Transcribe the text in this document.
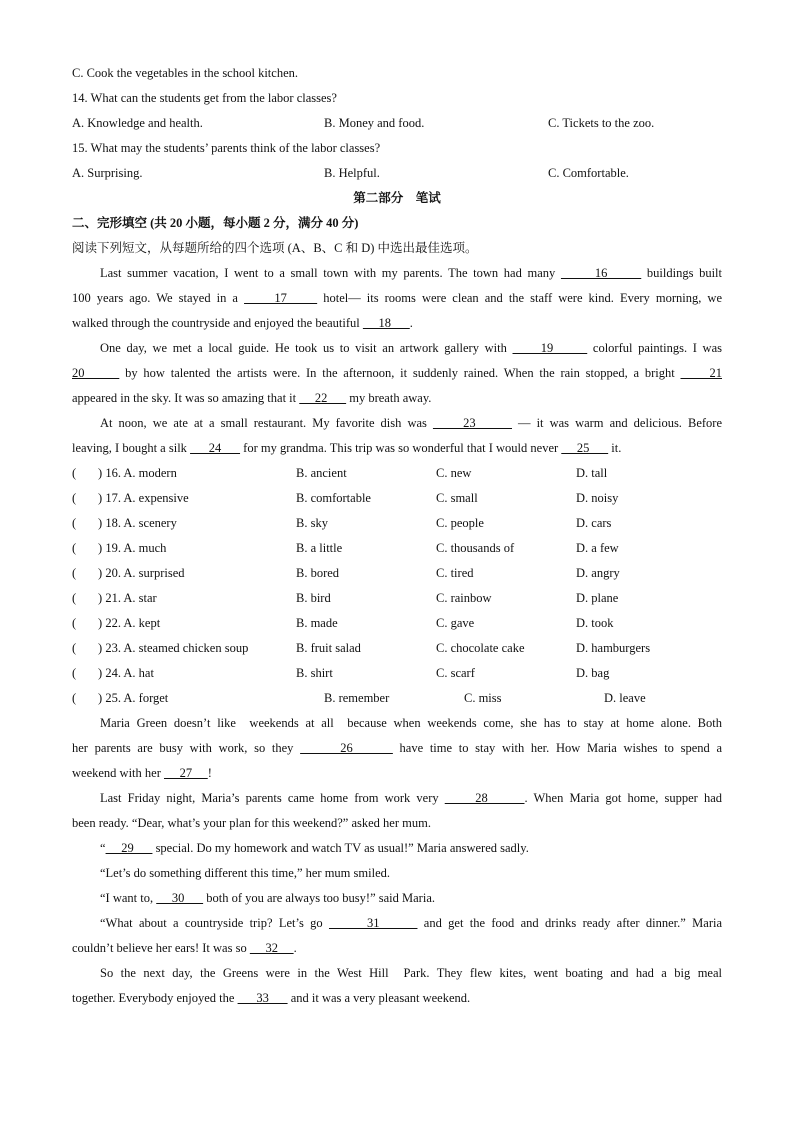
C. Cook the vegetables in the school kitchen.
14. What can the students get from the labor classes?
A. Knowledge and health.	B. Money and food.	C. Tickets to the zoo.
15. What may the students’ parents think of the labor classes?
A. Surprising.	B. Helpful.	C. Comfortable.
第二部分    笔试
二、完形填空 (共 20 小题，每小题 2 分，满分 40 分)
阅读下列短文，从每题所给的四个选项 (A、B、C 和 D) 中选出最佳选项。
Last summer vacation, I went to a small town with my parents. The town had many       16       buildings built
100 years ago. We stayed in a      17      hotel— its rooms were clean and the staff were kind. Every morning, we
walked through the countryside and enjoyed the beautiful      18      .
One day, we met a local guide. He took us to visit an artwork gallery with      19       colorful paintings. I was
20       by how talented the artists were. In the afternoon, it suddenly rained. When the rain stopped, a bright      21
appeared in the sky. It was so amazing that it      22       my breath away.
At noon, we ate at a small restaurant. My favorite dish was      23       — it was warm and delicious. Before
leaving, I bought a silk       24       for my grandma. This trip was so wonderful that I would never      25       it.
(       ) 16. A. modern	B. ancient	C. new	D. tall
(       ) 17. A. expensive	B. comfortable	C. small	D. noisy
(       ) 18. A. scenery	B. sky	C. people	D. cars
(       ) 19. A. much	B. a little	C. thousands of	D. a few
(       ) 20. A. surprised	B. bored	C. tired	D. angry
(       ) 21. A. star	B. bird	C. rainbow	D. plane
(       ) 22. A. kept	B. made	C. gave	D. took
(       ) 23. A. steamed chicken soup	B. fruit salad	C. chocolate cake	D. hamburgers
(       ) 24. A. hat	B. shirt	C. scarf	D. bag
(       ) 25. A. forget	B. remember	C. miss	D. leave
Maria Green doesn’t like  weekends at all  because when weekends come, she has to stay at home alone. Both
her parents are busy with work, so they       26       have time to stay with her. How Maria wishes to spend a
weekend with her      27     !
Last Friday night, Maria’s parents came home from work very      28      . When Maria got home, supper had
been ready. “Dear, what’s your plan for this weekend?” asked her mum.
“     29       special. Do my homework and watch TV as usual!” Maria answered sadly.
“Let’s do something different this time,” her mum smiled.
“I want to,      30       both of you are always too busy!” said Maria.
“What about a countryside trip? Let’s go       31       and get the food and drinks ready after dinner.” Maria
couldn’t believe her ears! It was so      32     .
So the next day, the Greens were in the West Hill  Park. They flew kites, went boating and had a big meal
together. Everybody enjoyed the       33       and it was a very pleasant weekend.
